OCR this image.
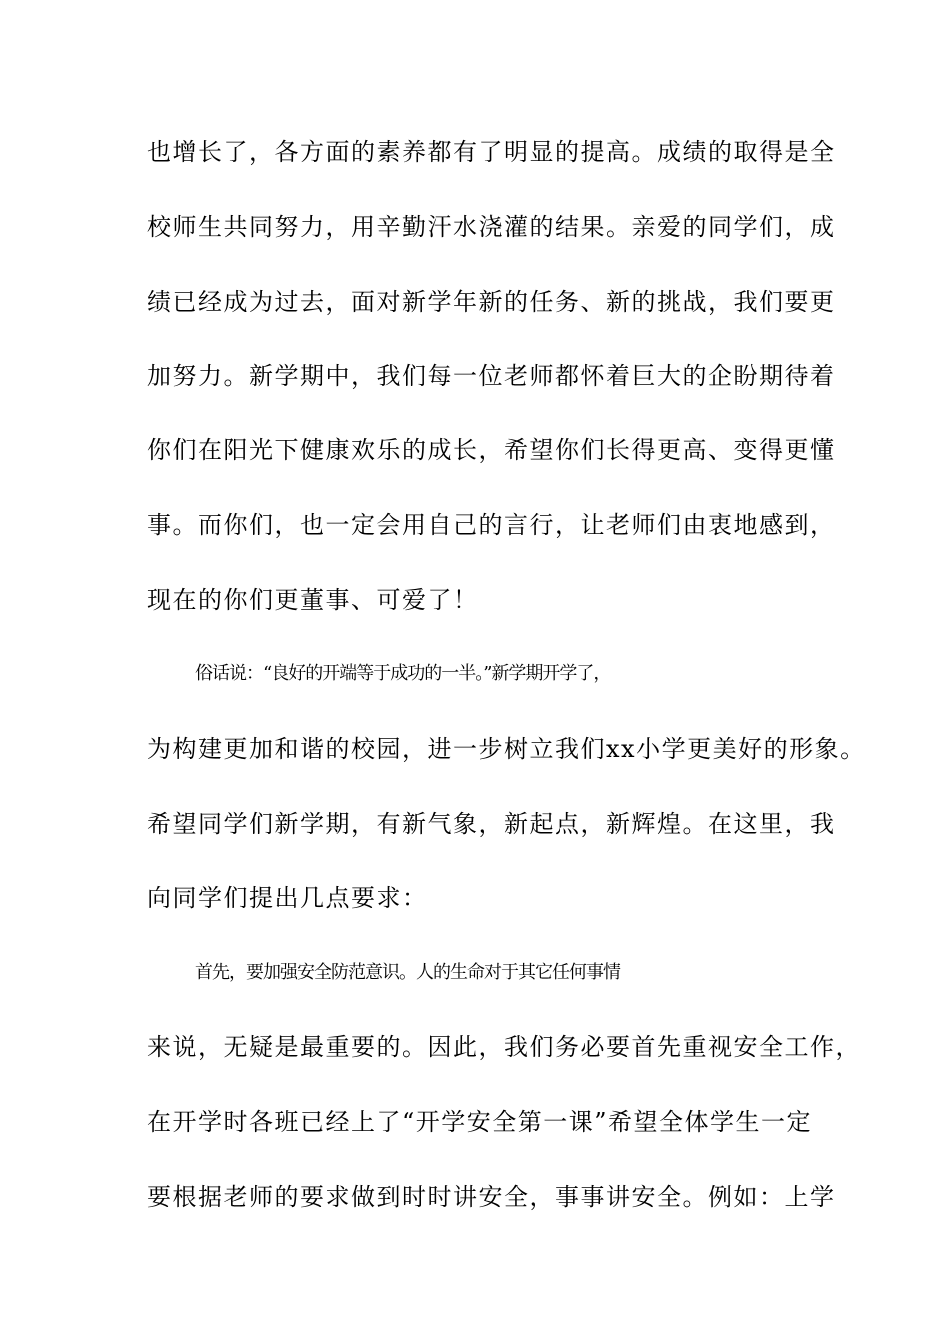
也增长了，各方面的素养都有了明显的提高。成绩的取得是全
校师生共同努力，用辛勤汗水浇灌的结果。亲爱的同学们，成
绩已经成为过去，面对新学年新的任务、新的挑战，我们要更
加努力。新学期中，我们每一位老师都怀着巨大的企盼期待着
你们在阳光下健康欢乐的成长，希望你们长得更高、变得更懂
事。而你们，也一定会用自己的言行，让老师们由衷地感到，
现在的你们更董事、可爱了！
俗话说：“良好的开端等于成功的一半。”新学期开学了，
为构建更加和谐的校园，进一步树立我们xx小学更美好的形象。
希望同学们新学期，有新气象，新起点，新辉煌。在这里，我
向同学们提出几点要求：
首先，要加强安全防范意识。人的生命对于其它任何事情
来说，无疑是最重要的。因此，我们务必要首先重视安全工作，
在开学时各班已经上了“开学安全第一课”希望全体学生一定
要根据老师的要求做到时时讲安全，事事讲安全。例如：上学
